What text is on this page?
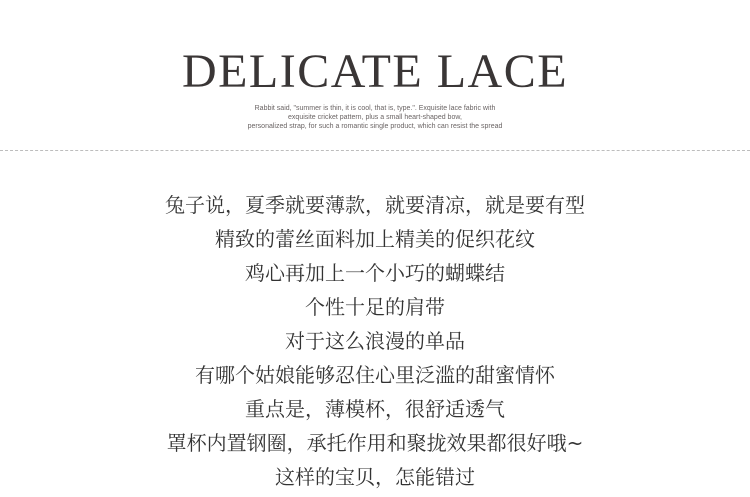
DELICATE LACE
Rabbit said, "summer is thin, it is cool, that is, type.". Exquisite lace fabric with
exquisite cricket pattern, plus a small heart-shaped bow,
personalized strap, for such a romantic single product, which can resist the spread
兔子说，夏季就要薄款，就要清凉，就是要有型
精致的蕾丝面料加上精美的促织花纹
鸡心再加上一个小巧的蝴蝶结
个性十足的肩带
对于这么浪漫的单品
有哪个姑娘能够忍住心里泛滥的甜蜜情怀
重点是，薄模杯，很舒适透气
罩杯内置钢圈，承托作用和聚拢效果都很好哦~
这样的宝贝，怎能错过
